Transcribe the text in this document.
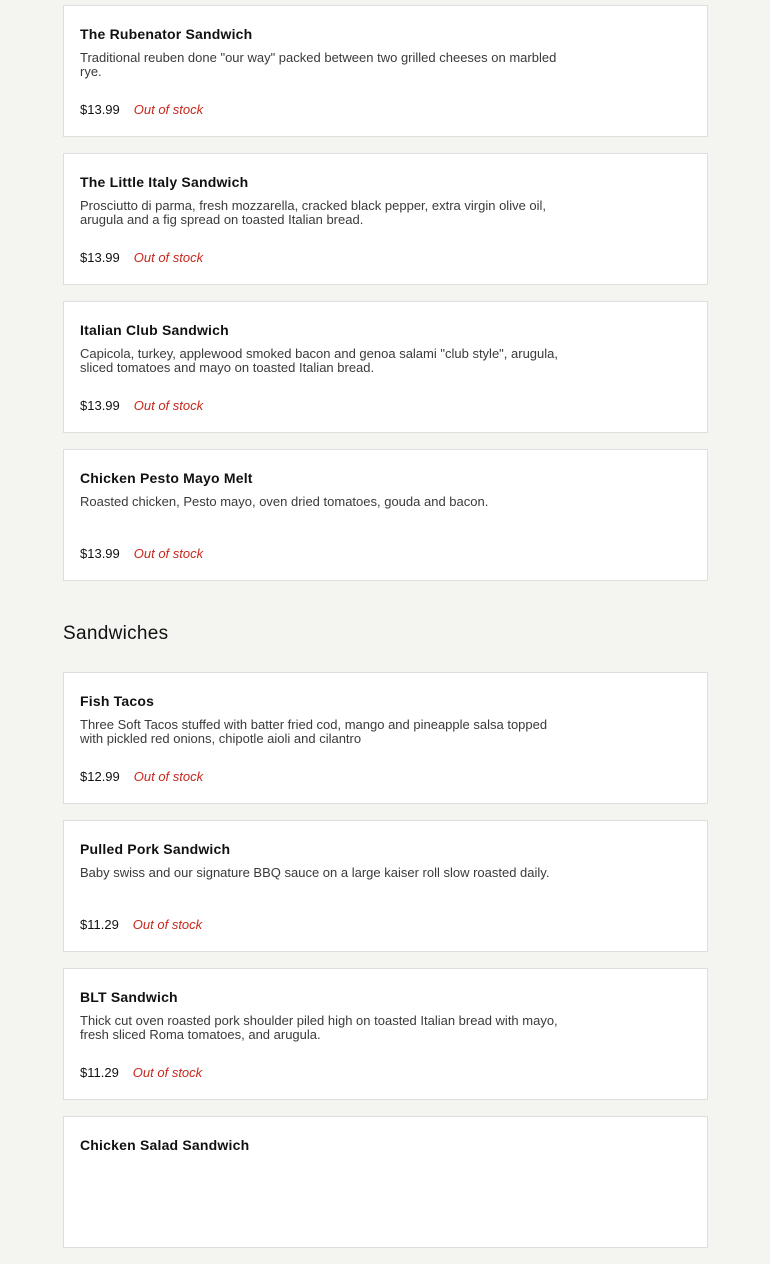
The Rubenator Sandwich
Traditional reuben done "our way" packed between two grilled cheeses on marbled rye.
$13.99 Out of stock
The Little Italy Sandwich
Prosciutto di parma, fresh mozzarella, cracked black pepper, extra virgin olive oil, arugula and a fig spread on toasted Italian bread.
$13.99 Out of stock
Italian Club Sandwich
Capicola, turkey, applewood smoked bacon and genoa salami "club style", arugula, sliced tomatoes and mayo on toasted Italian bread.
$13.99 Out of stock
Chicken Pesto Mayo Melt
Roasted chicken, Pesto mayo, oven dried tomatoes, gouda and bacon.
$13.99 Out of stock
Sandwiches
Fish Tacos
Three Soft Tacos stuffed with batter fried cod, mango and pineapple salsa topped with pickled red onions, chipotle aioli and cilantro
$12.99 Out of stock
Pulled Pork Sandwich
Baby swiss and our signature BBQ sauce on a large kaiser roll slow roasted daily.
$11.29 Out of stock
BLT Sandwich
Thick cut oven roasted pork shoulder piled high on toasted Italian bread with mayo, fresh sliced Roma tomatoes, and arugula.
$11.29 Out of stock
Chicken Salad Sandwich
